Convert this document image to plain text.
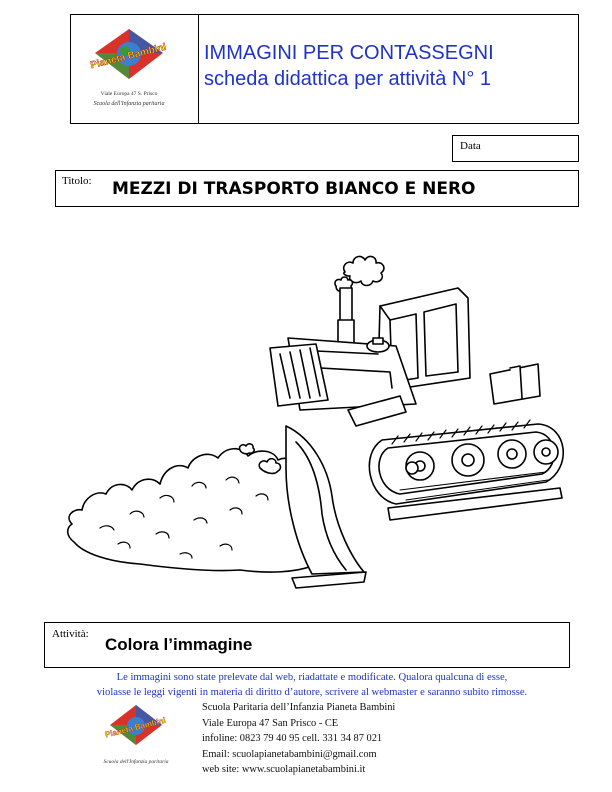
Pianeta Bambini
Viale Europa 47 S. Prisco
Scuola dell'Infanzia paritaria
IMMAGINI PER CONTASSEGNI
scheda didattica per attività N° 1
Data
Titolo: MEZZI DI TRASPORTO BIANCO E NERO
Attività:
Colora l’immagine
Le immagini sono state prelevate dal web, riadattate e modificate. Qualora qualcuna di esse,
violasse le leggi vigenti in materia di diritto d’autore, scrivere al webmaster e saranno subito rimosse.
Pianeta Bambini
Scuola dell'Infanzia paritaria
Scuola Paritaria dell’Infanzia Pianeta Bambini
Viale Europa 47 San Prisco - CE
infoline: 0823 79 40 95 cell. 331 34 87 021
Email: scuolapianetabambini@gmail.com
web site: www.scuolapianetabambini.it
